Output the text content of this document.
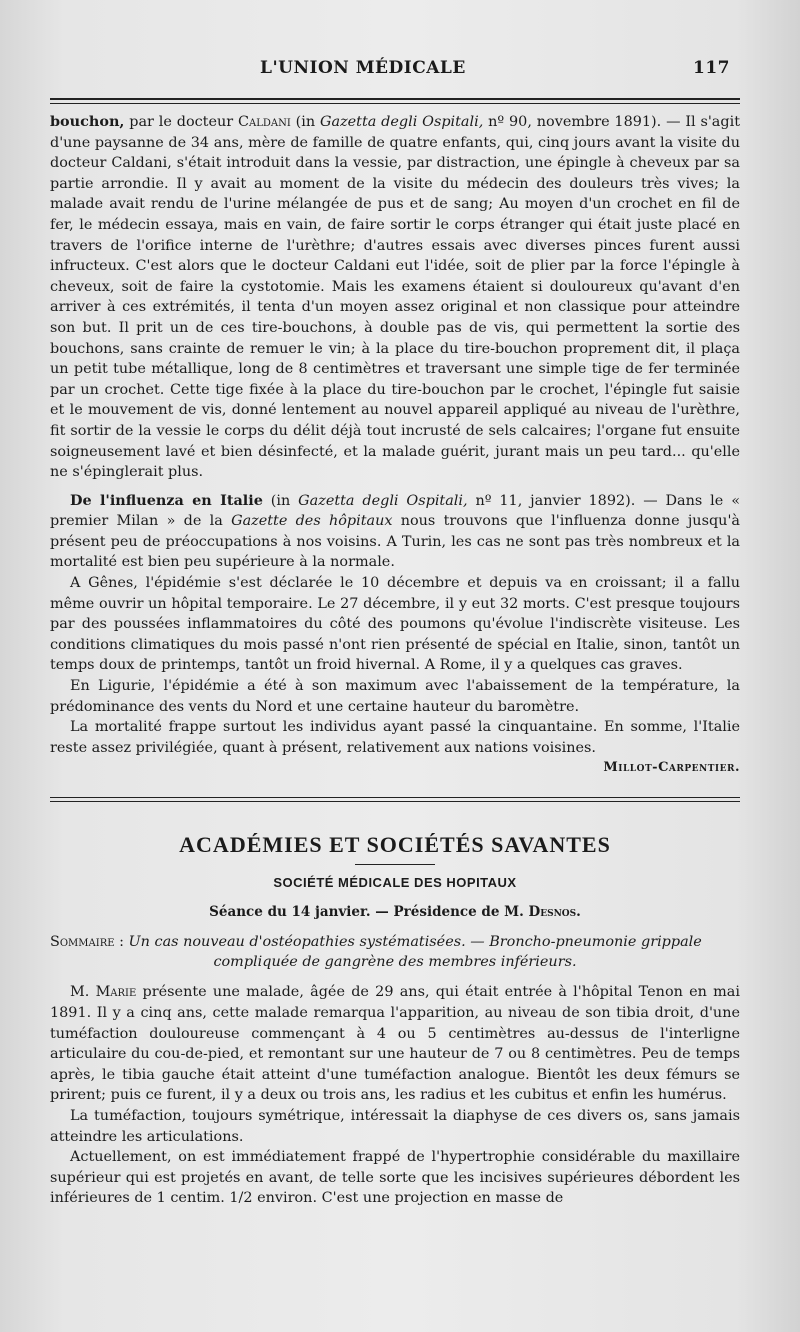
L'UNION MÉDICALE	117

bouchon, par le docteur Caldani (in Gazetta degli Ospitali, nº 90, novembre 1891). — Il s'agit d'une paysanne de 34 ans, mère de famille de quatre enfants, qui, cinq jours avant la visite du docteur Caldani, s'était introduit dans la vessie, par distraction, une épingle à cheveux par sa partie arrondie. Il y avait au moment de la visite du médecin des douleurs très vives; la malade avait rendu de l'urine mélangée de pus et de sang; Au moyen d'un crochet en fil de fer, le médecin essaya, mais en vain, de faire sortir le corps étranger qui était juste placé en travers de l'orifice interne de l'urèthre; d'autres essais avec diverses pinces furent aussi infructeux. C'est alors que le docteur Caldani eut l'idée, soit de plier par la force l'épingle à cheveux, soit de faire la cystotomie. Mais les examens étaient si douloureux qu'avant d'en arriver à ces extrémités, il tenta d'un moyen assez original et non classique pour atteindre son but. Il prit un de ces tire-bouchons, à double pas de vis, qui permettent la sortie des bouchons, sans crainte de remuer le vin; à la place du tire-bouchon proprement dit, il plaça un petit tube métallique, long de 8 centimètres et traversant une simple tige de fer terminée par un crochet. Cette tige fixée à la place du tire-bouchon par le crochet, l'épingle fut saisie et le mouvement de vis, donné lentement au nouvel appareil appliqué au niveau de l'urèthre, fit sortir de la vessie le corps du délit déjà tout incrusté de sels calcaires; l'organe fut ensuite soigneusement lavé et bien désinfecté, et la malade guérit, jurant mais un peu tard... qu'elle ne s'épinglerait plus.

De l'influenza en Italie (in Gazetta degli Ospitali, nº 11, janvier 1892). — Dans le « premier Milan » de la Gazette des hôpitaux nous trouvons que l'influenza donne jusqu'à présent peu de préoccupations à nos voisins. A Turin, les cas ne sont pas très nombreux et la mortalité est bien peu supérieure à la normale.

A Gênes, l'épidémie s'est déclarée le 10 décembre et depuis va en croissant; il a fallu même ouvrir un hôpital temporaire. Le 27 décembre, il y eut 32 morts. C'est presque toujours par des poussées inflammatoires du côté des poumons qu'évolue l'indiscrète visiteuse. Les conditions climatiques du mois passé n'ont rien présenté de spécial en Italie, sinon, tantôt un temps doux de printemps, tantôt un froid hivernal. A Rome, il y a quelques cas graves.

En Ligurie, l'épidémie a été à son maximum avec l'abaissement de la température, la prédominance des vents du Nord et une certaine hauteur du baromètre.

La mortalité frappe surtout les individus ayant passé la cinquantaine. En somme, l'Italie reste assez privilégiée, quant à présent, relativement aux nations voisines.

Millot-Carpentier.
ACADÉMIES ET SOCIÉTÉS SAVANTES
SOCIÉTÉ MÉDICALE DES HOPITAUX
Séance du 14 janvier. — Présidence de M. Desnos.

Sommaire : Un cas nouveau d'ostéopathies systématisées. — Broncho-pneumonie grippale
compliquée de gangrène des membres inférieurs.

M. Marie présente une malade, âgée de 29 ans, qui était entrée à l'hôpital Tenon en mai 1891. Il y a cinq ans, cette malade remarqua l'apparition, au niveau de son tibia droit, d'une tuméfaction douloureuse commençant à 4 ou 5 centimètres au-dessus de l'interligne articulaire du cou-de-pied, et remontant sur une hauteur de 7 ou 8 centimètres. Peu de temps après, le tibia gauche était atteint d'une tuméfaction analogue. Bientôt les deux fémurs se prirent; puis ce furent, il y a deux ou trois ans, les radius et les cubitus et enfin les humérus.

La tuméfaction, toujours symétrique, intéressait la diaphyse de ces divers os, sans jamais atteindre les articulations.

Actuellement, on est immédiatement frappé de l'hypertrophie considérable du maxillaire supérieur qui est projetés en avant, de telle sorte que les incisives supérieures débordent les inférieures de 1 centim. 1/2 environ. C'est une projection en masse de
